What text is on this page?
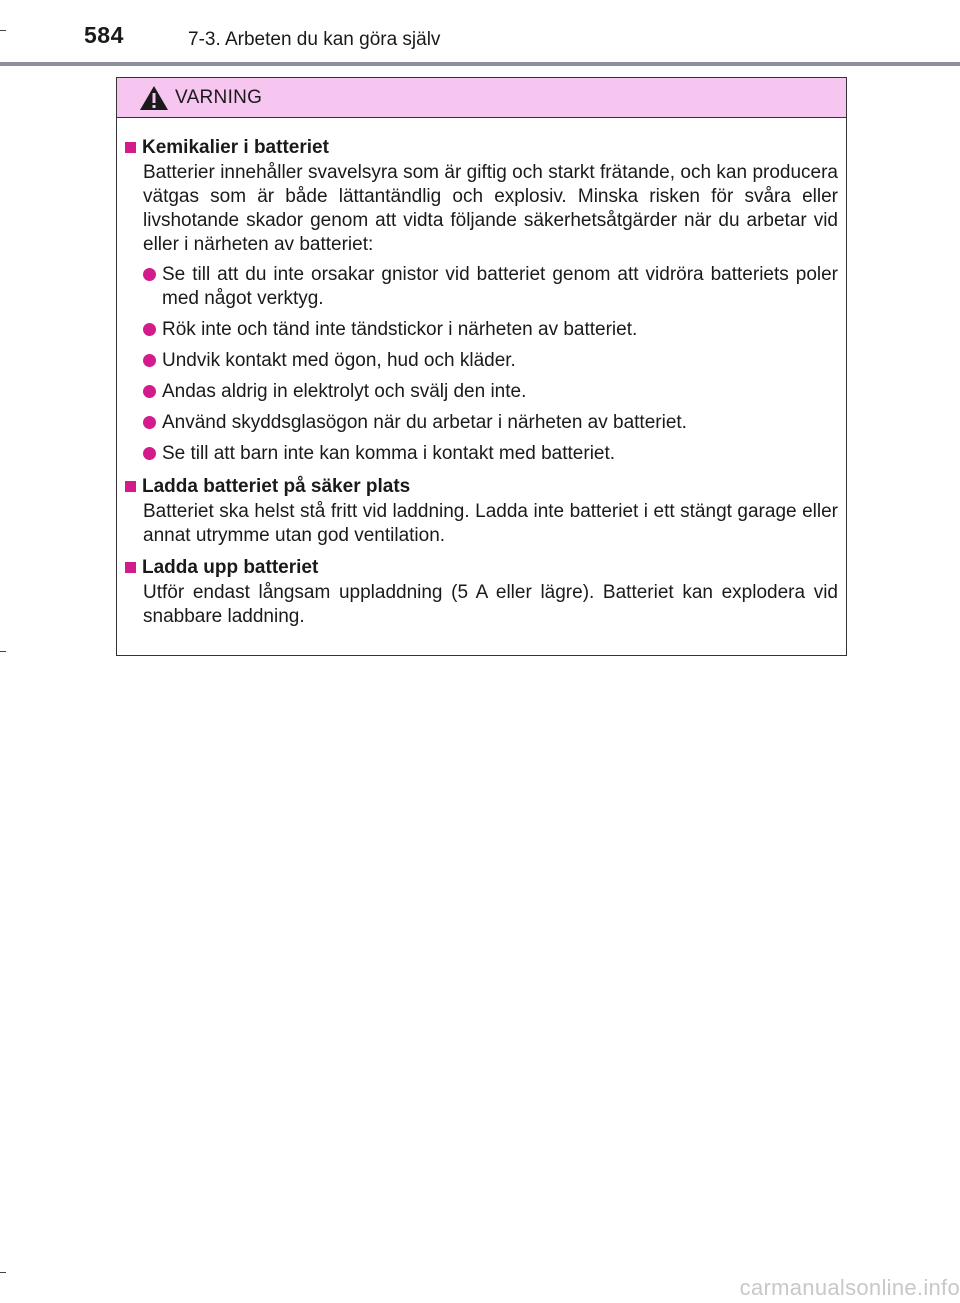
584	7-3. Arbeten du kan göra själv
VARNING
Kemikalier i batteriet

Batterier innehåller svavelsyra som är giftig och starkt frätande, och kan producera vätgas som är både lättantändlig och explosiv. Minska risken för svåra eller livshotande skador genom att vidta följande säkerhetsåtgärder när du arbetar vid eller i närheten av batteriet:

Se till att du inte orsakar gnistor vid batteriet genom att vidröra batteriets poler med något verktyg.
Rök inte och tänd inte tändstickor i närheten av batteriet.
Undvik kontakt med ögon, hud och kläder.
Andas aldrig in elektrolyt och svälj den inte.
Använd skyddsglasögon när du arbetar i närheten av batteriet.
Se till att barn inte kan komma i kontakt med batteriet.
Ladda batteriet på säker plats

Batteriet ska helst stå fritt vid laddning. Ladda inte batteriet i ett stängt garage eller annat utrymme utan god ventilation.

Ladda upp batteriet

Utför endast långsam uppladdning (5 A eller lägre). Batteriet kan explodera vid snabbare laddning.

carmanualsonline.info
